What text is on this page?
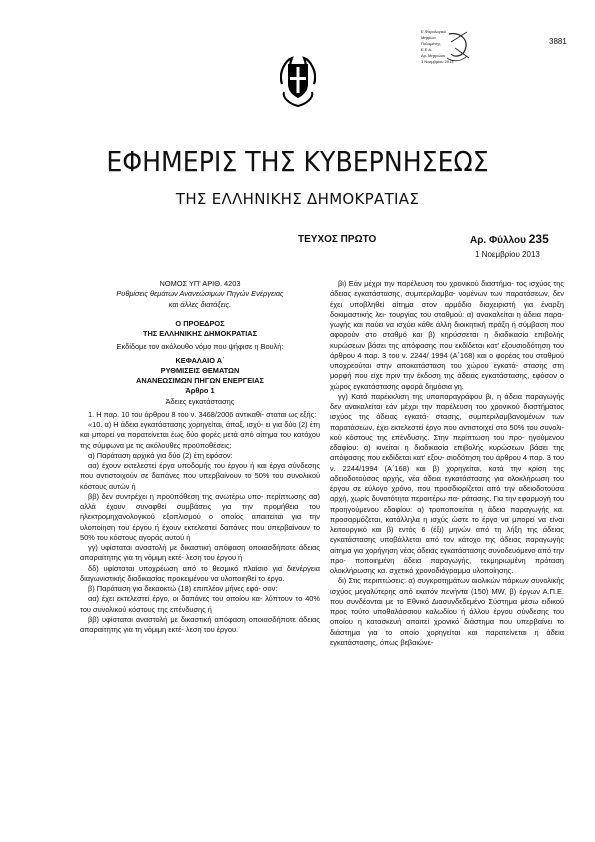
3881
Ε.Φορολογικό
Μητρώο
Πολυμένης
Ε.Ε.Α.
Αρ. Μητρώου
1 Νοεμβρίου 2013
ΕΦΗΜΕΡΙΣ ΤΗΣ ΚΥΒΕΡΝΗΣΕΩΣ
ΤΗΣ ΕΛΛΗΝΙΚΗΣ ΔΗΜΟΚΡΑΤΙΑΣ
ΤΕΥΧΟΣ ΠΡΩΤΟ	Αρ. Φύλλου 235
1 Νοεμβρίου 2013

ΝΟΜΟΣ ΥΠ' ΑΡΙΘ. 4203

Ρυθμίσεις θεμάτων Ανανεώσιμων Πηγών Ενέργειας

και άλλες διατάξεις.

Ο ΠΡΟΕΔΡΟΣ

ΤΗΣ ΕΛΛΗΝΙΚΗΣ ΔΗΜΟΚΡΑΤΙΑΣ

Εκδίδομε τον ακόλουθο νόμο που ψήφισε η Βουλή:

ΚΕΦΑΛΑΙΟ Α΄

ΡΥΘΜΙΣΕΙΣ ΘΕΜΑΤΩΝ

ΑΝΑΝΕΩΣΙΜΩΝ ΠΗΓΩΝ ΕΝΕΡΓΕΙΑΣ

Άρθρο 1

Άδειες εγκατάστασης

1. Η παρ. 10 του άρθρου 8 του ν. 3468/2006 αντικαθί- σταται ως εξής:

«10. α) Η άδεια εγκατάστασης χορηγείται, άπαξ, ισχύ- ει για δύο (2) έτη και μπορεί να παρατείνεται έως δύο φορές μετά από αίτημα του κατόχου της σύμφωνα με τις ακόλουθες προϋποθέσεις:

α) Παράταση αρχικά για δύο (2) έτη εφόσον:

αα) έχουν εκτελεστεί έργα υποδομής του έργου ή και έργα σύνδεσης που αντιστοιχούν σε δαπάνες που υπερβαίνουν το 50% του συνολικού κόστους αυτών ή

ββ) δεν συντρέχει η προϋπόθεση της ανωτέρω υπο- περίπτωσης αα) αλλά έχουν συναφθεί συμβάσεις για την προμήθεια του ηλεκτρομηχανολογικού εξοπλισμού ο οποίος απαιτείται για την υλοποίηση του έργου ή έχουν εκτελεστεί δαπάνες που υπερβαίνουν το 50% του κόστους αγοράς αυτού ή

γγ) υφίσταται αναστολή με δικαστική απόφαση οποιασδήποτε άδειας απαραίτητης για τη νόμιμη εκτέ- λεση του έργου ή

δδ) υφίσταται υποχρέωση από το θεσμικό πλαίσιο για διενέργεια διαγωνιστικής διαδικασίας προκειμένου να υλοποιηθεί το έργο.

β) Παράταση για δεκαοκτώ (18) επιπλέον μήνες εφό- σον:

αα) έχει εκτελεστεί έργο, οι δαπάνες του οποίου κα- λύπτουν το 40% του συνολικού κόστους της επένδυσης ή

ββ) υφίσταται αναστολή με δικαστική απόφαση οποιασδήποτε άδειας απαραίτητης για τη νόμιμη εκτέ- λεση του έργου.

βι) Εάν μέχρι την παρέλευση του χρονικού διαστήμα- τος ισχύος της άδειας εγκατάστασης, συμπεριλαμβα- νομένων των παρατάσεων, δεν έχει υποβληθεί αίτημα στον αρμόδιο διαχειριστή για έναρξη δοκιμαστικής λει- τουργίας του σταθμού: α) ανακαλείται η άδεια παρα- γωγής και παύει να ισχύει κάθε άλλη διοικητική πράξη ή σύμβαση που αφορούν στο σταθμό και β) κηρύσσεται η διαδικασία επιβολής κυρώσεων βάσει της απόφασης που εκδίδεται κατ' εξουσιοδότηση του άρθρου 4 παρ. 3 του ν. 2244/ 1994 (Α΄168) και ο φορέας του σταθμού υποχρεούται στην αποκατάσταση του χώρου εγκατά- στασης στη μορφή που είχε πριν την έκδοση της άδειας εγκατάστασης, εφόσον ο χώρος εγκατάστασης αφορά δημόσια γη.

γγ) Κατά παρέκκλιση της υποπαραγράφου βι, η άδεια παραγωγής δεν ανακαλείται εάν μέχρι την παρέλευση του χρονικού διαστήματος ισχύος της άδειας εγκατά- στασης, συμπεριλαμβανομένων των παρατάσεων, έχει εκτελεστεί έργο που αντιστοιχεί στο 50% του συνολι- κού κόστους της επένδυσης. Στην περίπτωση του προ- ηγούμενου εδαφίου: α) κινείται η διαδικασία επιβολής κυρώσεων βάσει της απόφασης που εκδίδεται κατ' εξου- σιοδότηση του άρθρου 4 παρ. 3 του ν. 2244/1994 (Α΄168) και β) χορηγείται, κατά την κρίση της αδειοδοτούσας αρχής, νέα άδεια εγκατάστασης για ολοκλήρωση του έργου σε εύλογο χρόνο, που προσδιορίζεται από την αδειοδοτούσα αρχή, χωρίς δυνατότητα περαιτέρω πα- ράτασης. Για την εφαρμογή του προηγούμενου εδαφίου: α) τροποποιείται η άδεια παραγωγής κα. προσαρμόζεται, κατάλληλα η ισχύς ώστε το έργο να μπορεί να είναι λειτουργικό και β) εντός 6 (έξι) μηνών από τη λήξη της άδειας εγκατάστασης υποβάλλεται από τον κάτοχο της άδειας παραγωγής αίτημα για χορήγηση νέας άδειας εγκατάστασης συνοδευόμενο από την προ- ποποιημένη άδεια παραγωγής, τεκμηριωμένη πρόταση ολοκλήρωσης κα. σχετικό χρονοδιάγραμμα υλοποίησης.

δι) Στις περιπτώσεις: α) συγκροτημάτων αιολικών πάρκων συνολικής ισχύος μεγαλύτερης από εκατόν πενήντα (150) MW, β) έργων Α.Π.Ε. που συνδέονται με το Εθνικό Διασυνδεδεμένο Σύστημα μέσω ειδικού προς τούτο υποθαλάσσιου καλωδίου ή άλλου έργου σύνδεσης του οποίου η κατασκευή απαιτεί χρονικό διάστημα που υπερβαίνει το διάστημα για το οποίο χορηγείται και παρατείνεται η άδεια εγκατάστασης, όπως βεβαιώνε-
